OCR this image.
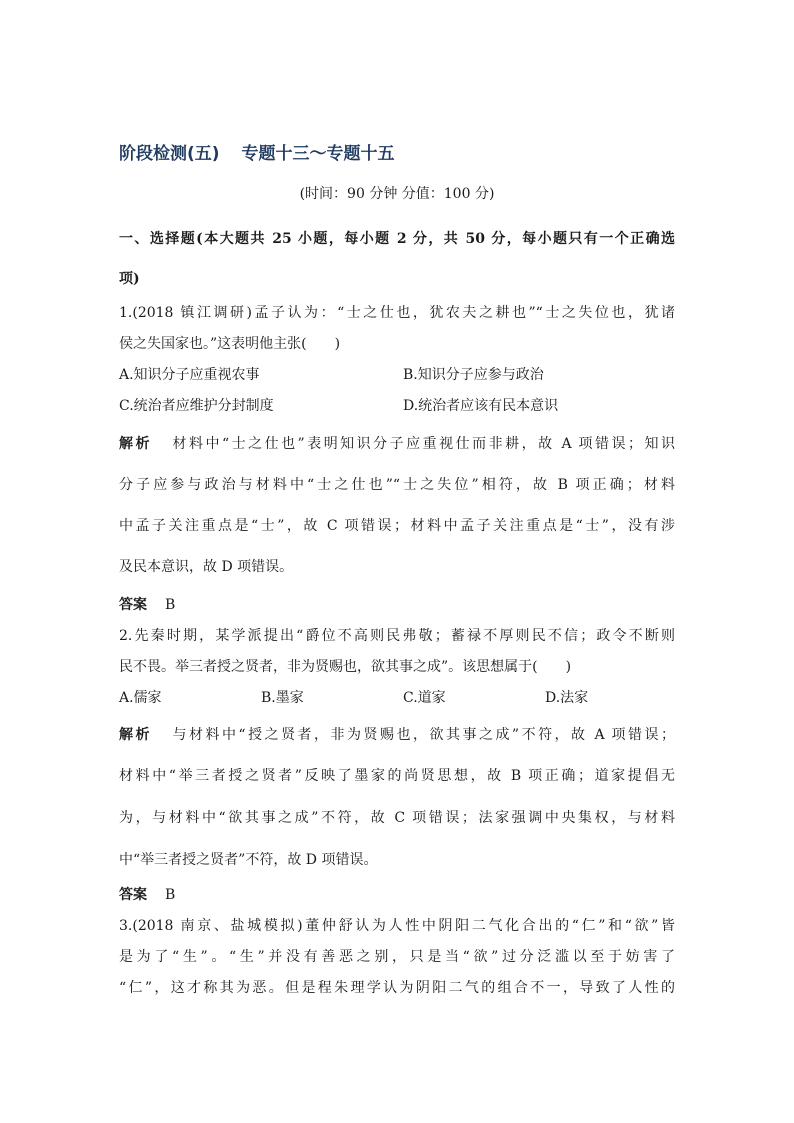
阶段检测(五) 专题十三～专题十五
(时间：90 分钟 分值：100 分)
一、选择题(本大题共 25 小题，每小题 2 分，共 50 分，每小题只有一个正确选
项)
1.(2018 镇江调研)孟子认为：“士之仕也，犹农夫之耕也”“士之失位也，犹诸
侯之失国家也。”这表明他主张(　　)
A.知识分子应重视农事	B.知识分子应参与政治
C.统治者应维护分封制度	D.统治者应该有民本意识
解析 材料中“士之仕也”表明知识分子应重视仕而非耕，故 A 项错误；知识
分子应参与政治与材料中“士之仕也”“士之失位”相符，故 B 项正确；材料
中孟子关注重点是“士”，故 C 项错误；材料中孟子关注重点是“士”，没有涉
及民本意识，故 D 项错误。
答案 B
2.先秦时期，某学派提出“爵位不高则民弗敬；蓄禄不厚则民不信；政令不断则
民不畏。举三者授之贤者，非为贤赐也，欲其事之成”。该思想属于(　　)
A.儒家	B.墨家	C.道家	D.法家
解析 与材料中“授之贤者，非为贤赐也，欲其事之成”不符，故 A 项错误；
材料中“举三者授之贤者”反映了墨家的尚贤思想，故 B 项正确；道家提倡无
为，与材料中“欲其事之成”不符，故 C 项错误；法家强调中央集权，与材料
中“举三者授之贤者”不符，故 D 项错误。
答案 B
3.(2018 南京、盐城模拟)董仲舒认为人性中阴阳二气化合出的“仁”和“欲”皆
是为了“生”。“生”并没有善恶之别，只是当“欲”过分泛滥以至于妨害了
“仁”，这才称其为恶。但是程朱理学认为阴阳二气的组合不一，导致了人性的
